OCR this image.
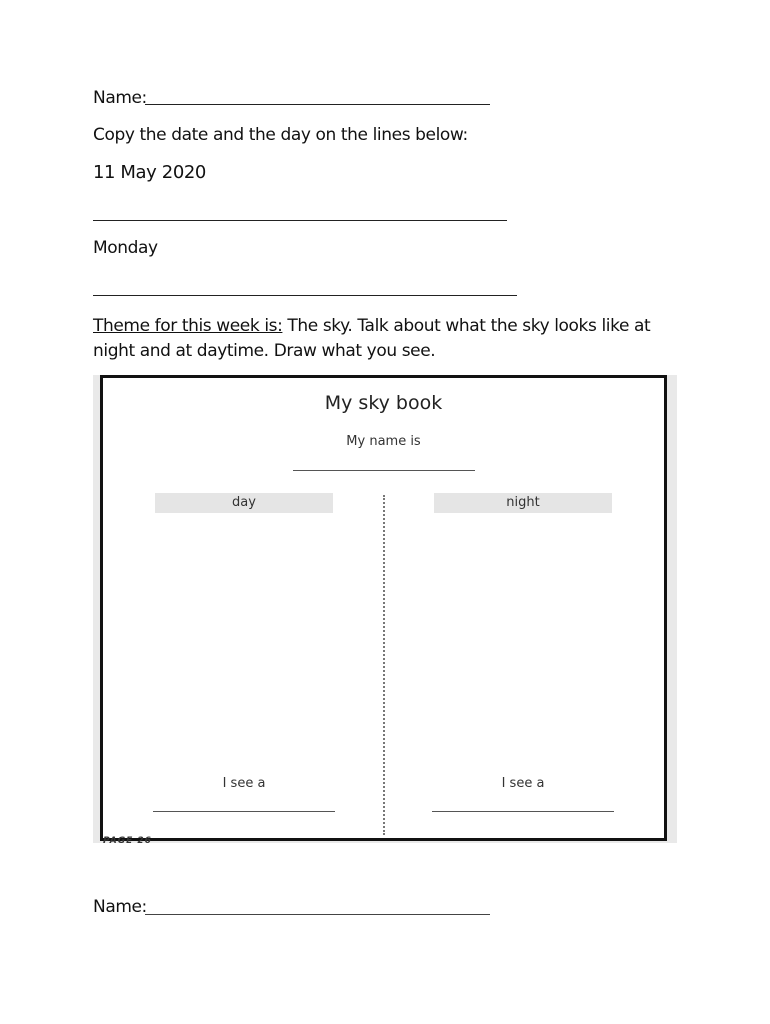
Name:
Copy the date and the day on the lines below:
11 May 2020
Monday
Theme for this week is: The sky. Talk about what the sky looks like at night and at daytime. Draw what you see.
My sky book
My name is
day	night
I see a	I see a
PAGE 26
Name:
